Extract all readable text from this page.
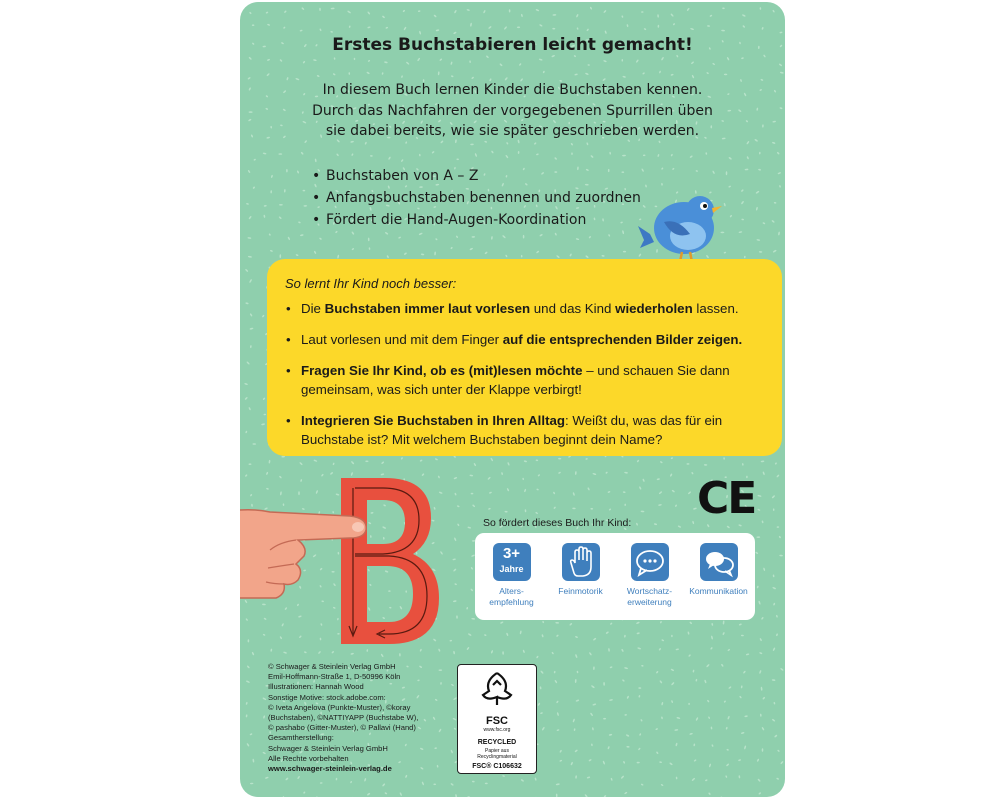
Erstes Buchstabieren leicht gemacht!
In diesem Buch lernen Kinder die Buchstaben kennen.
Durch das Nachfahren der vorgegebenen Spurrillen üben
sie dabei bereits, wie sie später geschrieben werden.
• Buchstaben von A – Z
• Anfangsbuchstaben benennen und zuordnen
• Fördert die Hand-Augen-Koordination
So lernt Ihr Kind noch besser:
• Die Buchstaben immer laut vorlesen und das Kind wiederholen lassen.
• Laut vorlesen und mit dem Finger auf die entsprechenden Bilder zeigen.
• Fragen Sie Ihr Kind, ob es (mit)lesen möchte – und schauen Sie dann gemeinsam, was sich unter der Klappe verbirgt!
• Integrieren Sie Buchstaben in Ihren Alltag: Weißt du, was das für ein Buchstabe ist? Mit welchem Buchstaben beginnt dein Name?
CE
So fördert dieses Buch Ihr Kind:
3+
Jahre
Alters-
empfehlung
Feinmotorik	Wortschatz-
erweiterung
Kommunikation
© Schwager & Steinlein Verlag GmbH
Emil-Hoffmann-Straße 1, D-50996 Köln
Illustrationen: Hannah Wood
Sonstige Motive: stock.adobe.com:
© Iveta Angelova (Punkte-Muster), ©koray
(Buchstaben), ©NATTIYAPP (Buchstabe W),
© pashabo (Gitter-Muster), © Pallavi (Hand)
Gesamtherstellung:
Schwager & Steinlein Verlag GmbH
Alle Rechte vorbehalten
www.schwager-steinlein-verlag.de
FSC
www.fsc.org
RECYCLED
Papier aus
Recyclingmaterial
FSC® C106632
